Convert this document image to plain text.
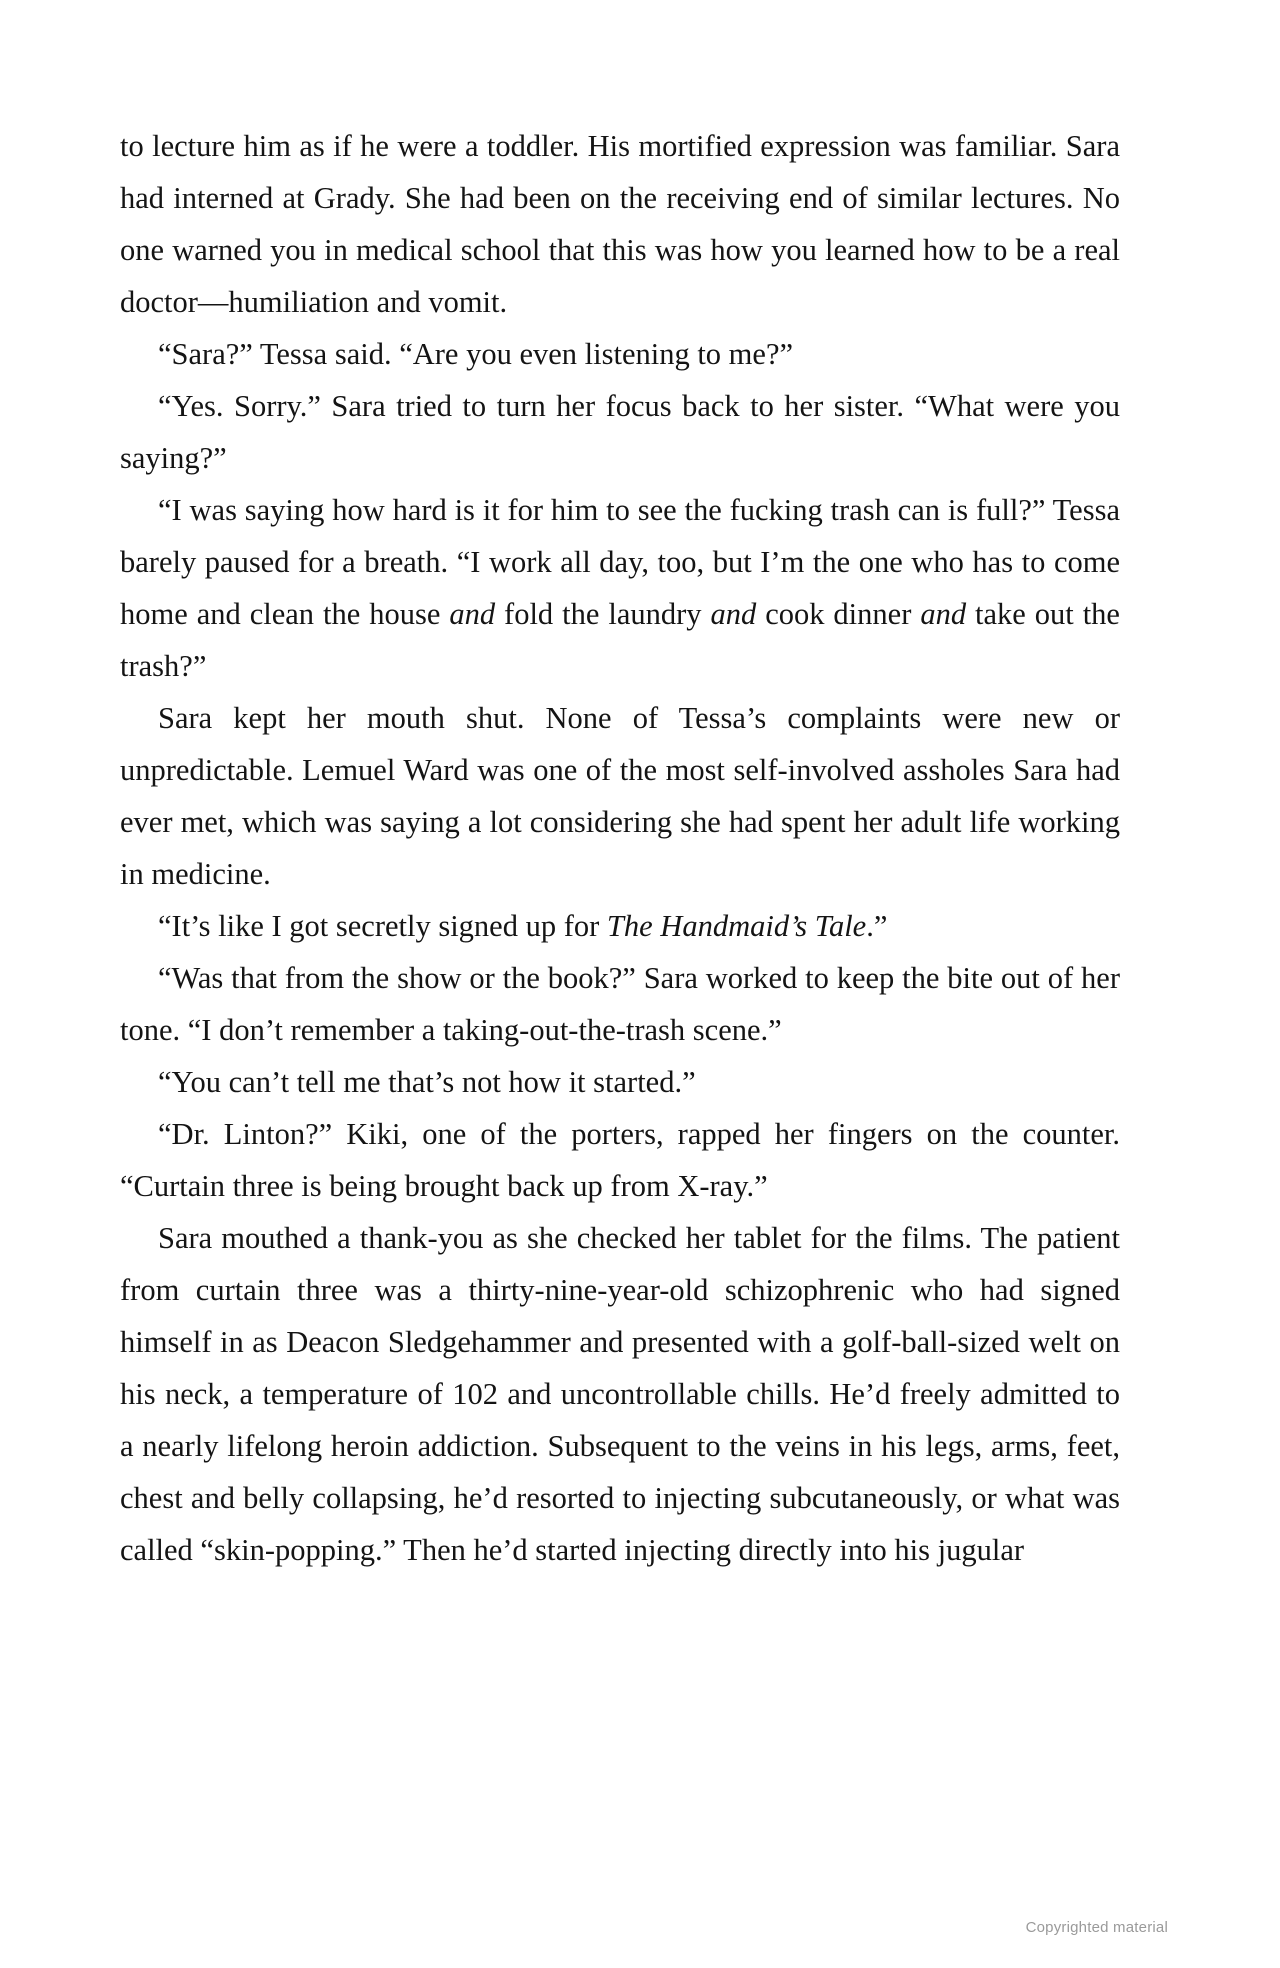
to lecture him as if he were a toddler. His mortified expression was familiar. Sara had interned at Grady. She had been on the receiving end of similar lectures. No one warned you in medical school that this was how you learned how to be a real doctor—humiliation and vomit.

“Sara?” Tessa said. “Are you even listening to me?”

“Yes. Sorry.” Sara tried to turn her focus back to her sister. “What were you saying?”

“I was saying how hard is it for him to see the fucking trash can is full?” Tessa barely paused for a breath. “I work all day, too, but I’m the one who has to come home and clean the house and fold the laundry and cook dinner and take out the trash?”

Sara kept her mouth shut. None of Tessa’s complaints were new or unpredictable. Lemuel Ward was one of the most self-involved assholes Sara had ever met, which was saying a lot considering she had spent her adult life working in medicine.

“It’s like I got secretly signed up for The Handmaid’s Tale.”

“Was that from the show or the book?” Sara worked to keep the bite out of her tone. “I don’t remember a taking-out-the-trash scene.”

“You can’t tell me that’s not how it started.”

“Dr. Linton?” Kiki, one of the porters, rapped her fingers on the counter. “Curtain three is being brought back up from X-ray.”

Sara mouthed a thank-you as she checked her tablet for the films. The patient from curtain three was a thirty-nine-year-old schizophrenic who had signed himself in as Deacon Sledgehammer and presented with a golf-ball-sized welt on his neck, a temperature of 102 and uncontrollable chills. He’d freely admitted to a nearly lifelong heroin addiction. Subsequent to the veins in his legs, arms, feet, chest and belly collapsing, he’d resorted to injecting subcutaneously, or what was called “skin-popping.” Then he’d started injecting directly into his jugular

Copyrighted material
